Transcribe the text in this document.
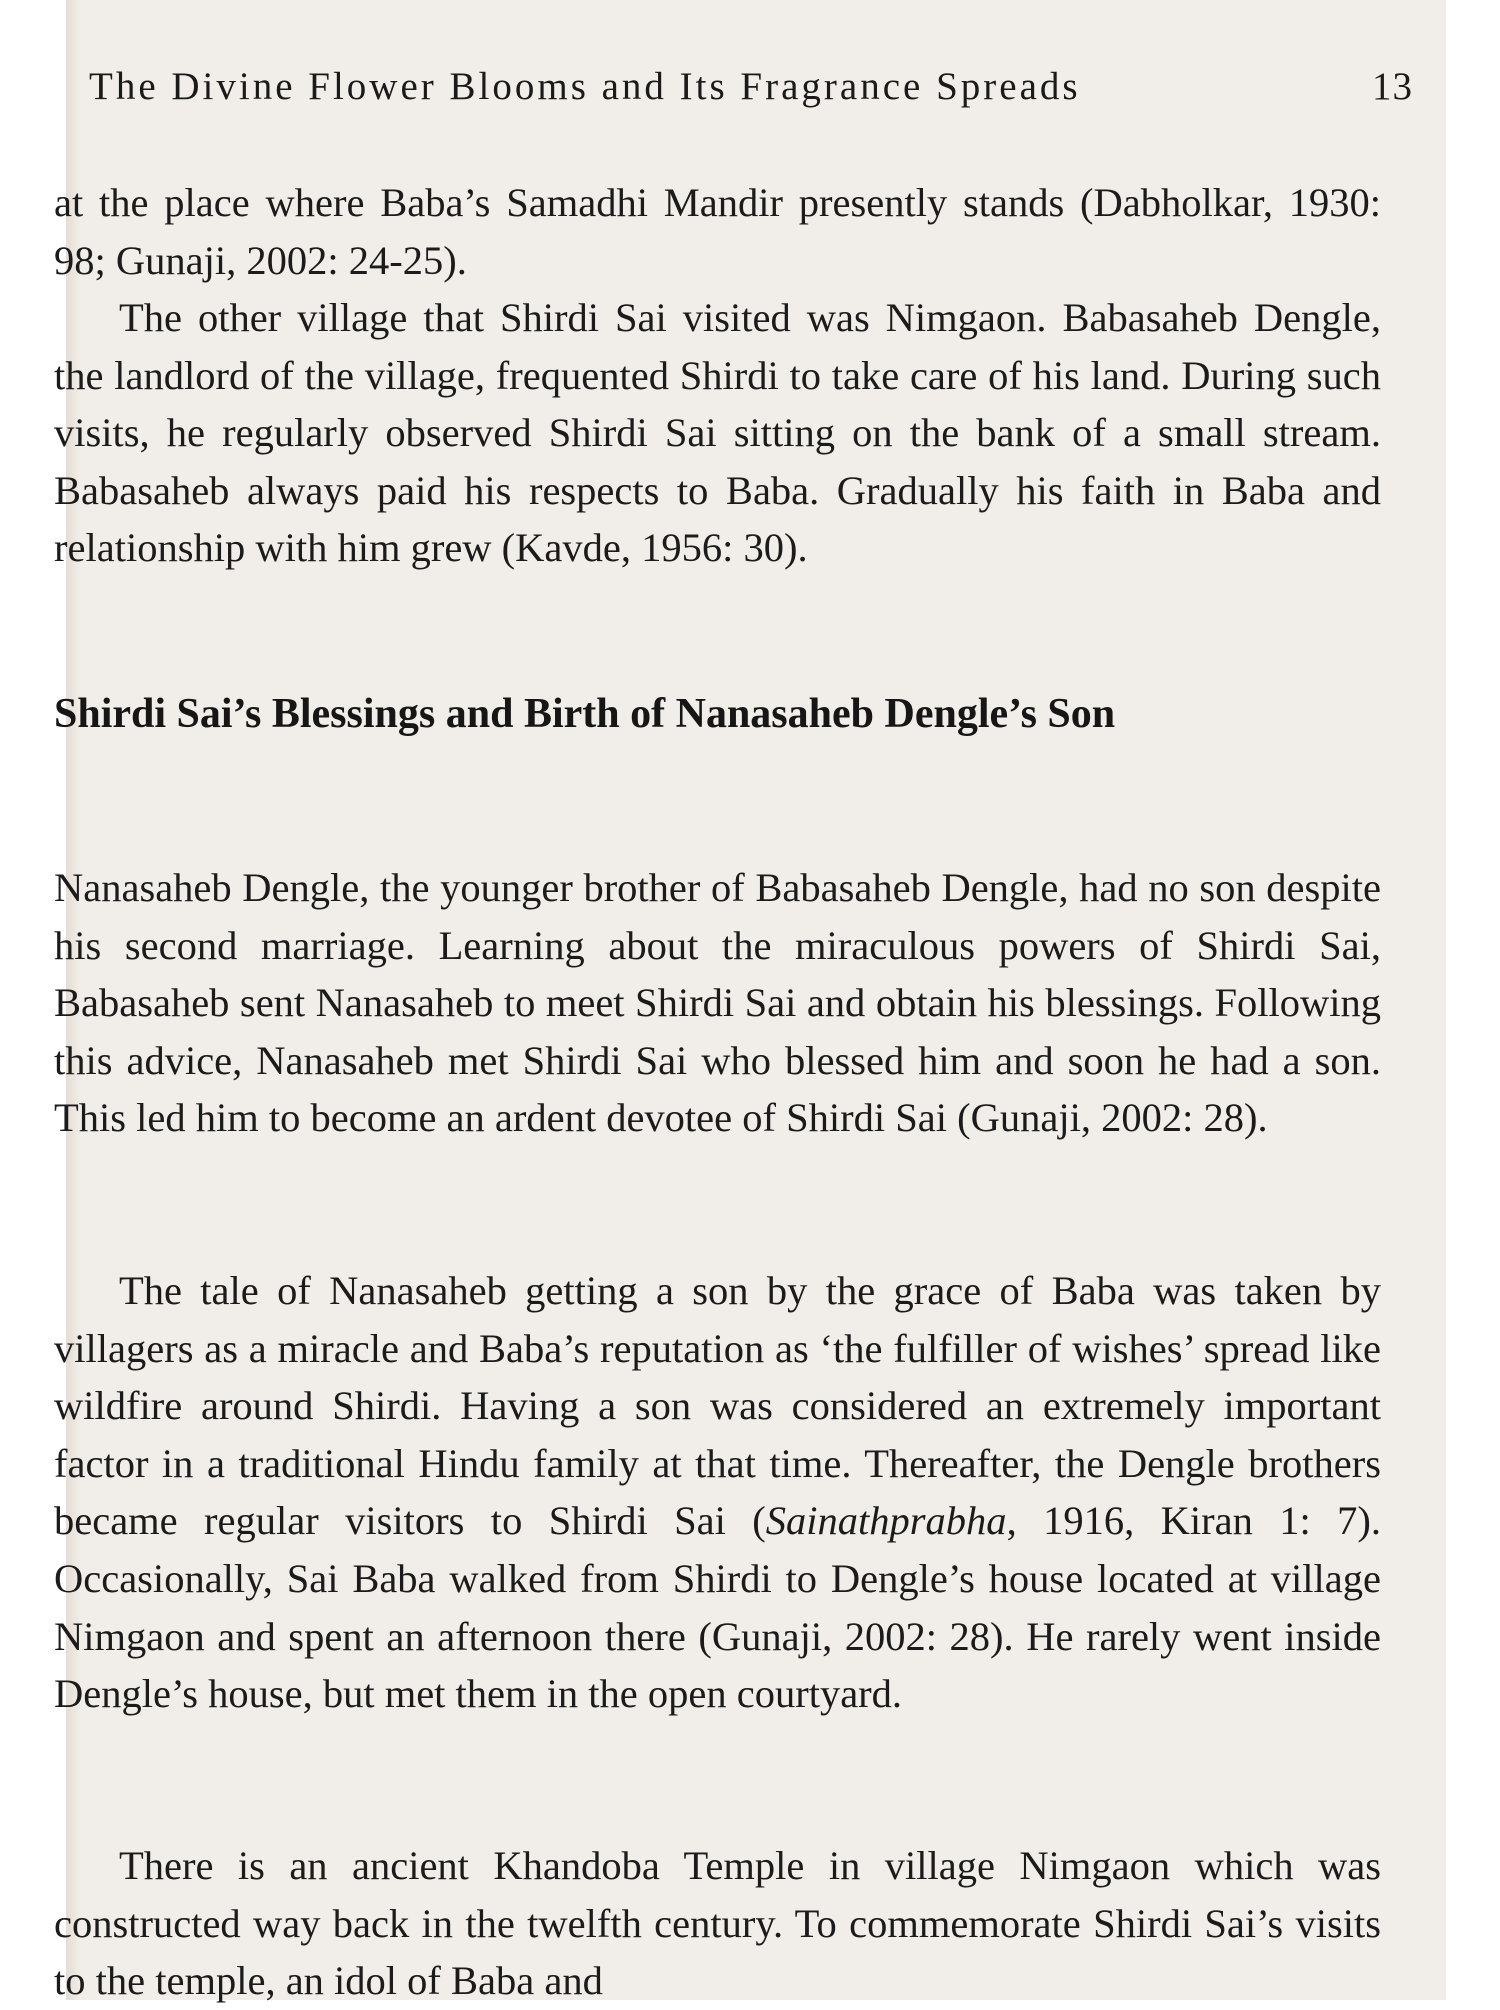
The Divine Flower Blooms and Its Fragrance Spreads	13

at the place where Baba’s Samadhi Mandir presently stands (Dabholkar, 1930: 98; Gunaji, 2002: 24-25).

The other village that Shirdi Sai visited was Nimgaon. Babasaheb Dengle, the landlord of the village, frequented Shirdi to take care of his land. During such visits, he regularly observed Shirdi Sai sitting on the bank of a small stream. Babasaheb always paid his respects to Baba. Gradually his faith in Baba and relationship with him grew (Kavde, 1956: 30).

Shirdi Sai’s Blessings and Birth of Nanasaheb Dengle’s Son

Nanasaheb Dengle, the younger brother of Babasaheb Dengle, had no son despite his second marriage. Learning about the miraculous powers of Shirdi Sai, Babasaheb sent Nanasaheb to meet Shirdi Sai and obtain his blessings. Following this advice, Nanasaheb met Shirdi Sai who blessed him and soon he had a son. This led him to become an ardent devotee of Shirdi Sai (Gunaji, 2002: 28).

The tale of Nanasaheb getting a son by the grace of Baba was taken by villagers as a miracle and Baba’s reputation as ‘the fulfiller of wishes’ spread like wildfire around Shirdi. Having a son was considered an extremely important factor in a traditional Hindu family at that time. Thereafter, the Dengle brothers became regular visitors to Shirdi Sai (Sainathprabha, 1916, Kiran 1: 7). Occasionally, Sai Baba walked from Shirdi to Dengle’s house located at village Nimgaon and spent an afternoon there (Gunaji, 2002: 28). He rarely went inside Dengle’s house, but met them in the open courtyard.

There is an ancient Khandoba Temple in village Nimgaon which was constructed way back in the twelfth century. To commemorate Shirdi Sai’s visits to the temple, an idol of Baba and
